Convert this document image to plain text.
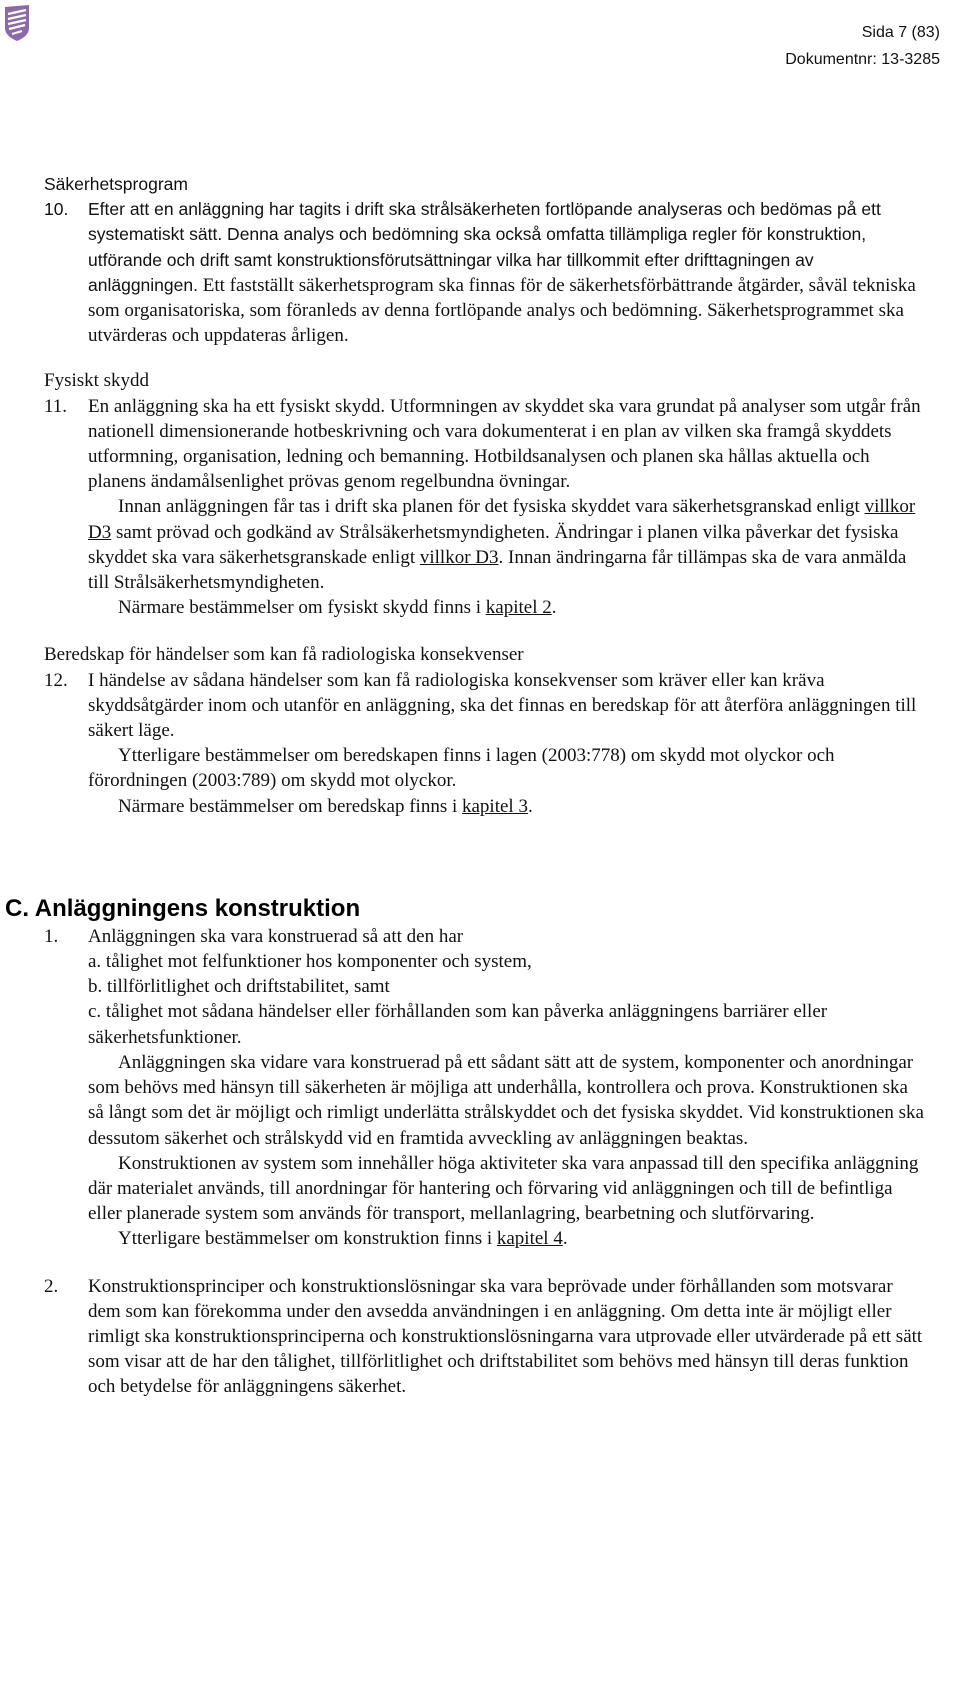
Sida 7 (83)
Dokumentnr: 13-3285
Säkerhetsprogram
10. Efter att en anläggning har tagits i drift ska strålsäkerheten fortlöpande analyseras och bedömas på ett systematiskt sätt. Denna analys och bedömning ska också omfatta tillämpliga regler för konstruktion, utförande och drift samt konstruktionsförutsättningar vilka har tillkommit efter drifttagningen av anläggningen. Ett fastställt säkerhetsprogram ska finnas för de säkerhetsförbättrande åtgärder, såväl tekniska som organisatoriska, som föranleds av denna fortlöpande analys och bedömning. Säkerhetsprogrammet ska utvärderas och uppdateras årligen.

Fysiskt skydd
11. En anläggning ska ha ett fysiskt skydd. Utformningen av skyddet ska vara grundat på analyser som utgår från nationell dimensionerande hotbeskrivning och vara dokumenterat i en plan av vilken ska framgå skyddets utformning, organisation, ledning och bemanning. Hotbildsanalysen och planen ska hållas aktuella och planens ändamålsenlighet prövas genom regelbundna övningar.

Innan anläggningen får tas i drift ska planen för det fysiska skyddet vara säkerhetsgranskad enligt villkor D3 samt prövad och godkänd av Strålsäkerhetsmyndigheten. Ändringar i planen vilka påverkar det fysiska skyddet ska vara säkerhetsgranskade enligt villkor D3. Innan ändringarna får tillämpas ska de vara anmälda till Strålsäkerhetsmyndigheten.

Närmare bestämmelser om fysiskt skydd finns i kapitel 2.

Beredskap för händelser som kan få radiologiska konsekvenser
12. I händelse av sådana händelser som kan få radiologiska konsekvenser som kräver eller kan kräva skyddsåtgärder inom och utanför en anläggning, ska det finnas en beredskap för att återföra anläggningen till säkert läge.

Ytterligare bestämmelser om beredskapen finns i lagen (2003:778) om skydd mot olyckor och förordningen (2003:789) om skydd mot olyckor.

Närmare bestämmelser om beredskap finns i kapitel 3.

C. Anläggningens konstruktion
1. Anläggningen ska vara konstruerad så att den har

a. tålighet mot felfunktioner hos komponenter och system,

b. tillförlitlighet och driftstabilitet, samt

c. tålighet mot sådana händelser eller förhållanden som kan påverka anläggningens barriärer eller säkerhetsfunktioner.

Anläggningen ska vidare vara konstruerad på ett sådant sätt att de system, komponenter och anordningar som behövs med hänsyn till säkerheten är möjliga att underhålla, kontrollera och prova. Konstruktionen ska så långt som det är möjligt och rimligt underlätta strålskyddet och det fysiska skyddet. Vid konstruktionen ska dessutom säkerhet och strålskydd vid en framtida avveckling av anläggningen beaktas.

Konstruktionen av system som innehåller höga aktiviteter ska vara anpassad till den specifika anläggning där materialet används, till anordningar för hantering och förvaring vid anläggningen och till de befintliga eller planerade system som används för transport, mellanlagring, bearbetning och slutförvaring.

Ytterligare bestämmelser om konstruktion finns i kapitel 4.

2. Konstruktionsprinciper och konstruktionslösningar ska vara beprövade under förhållanden som motsvarar dem som kan förekomma under den avsedda användningen i en anläggning. Om detta inte är möjligt eller rimligt ska konstruktionsprinciperna och konstruktionslösningarna vara utprovade eller utvärderade på ett sätt som visar att de har den tålighet, tillförlitlighet och driftstabilitet som behövs med hänsyn till deras funktion och betydelse för anläggningens säkerhet.
